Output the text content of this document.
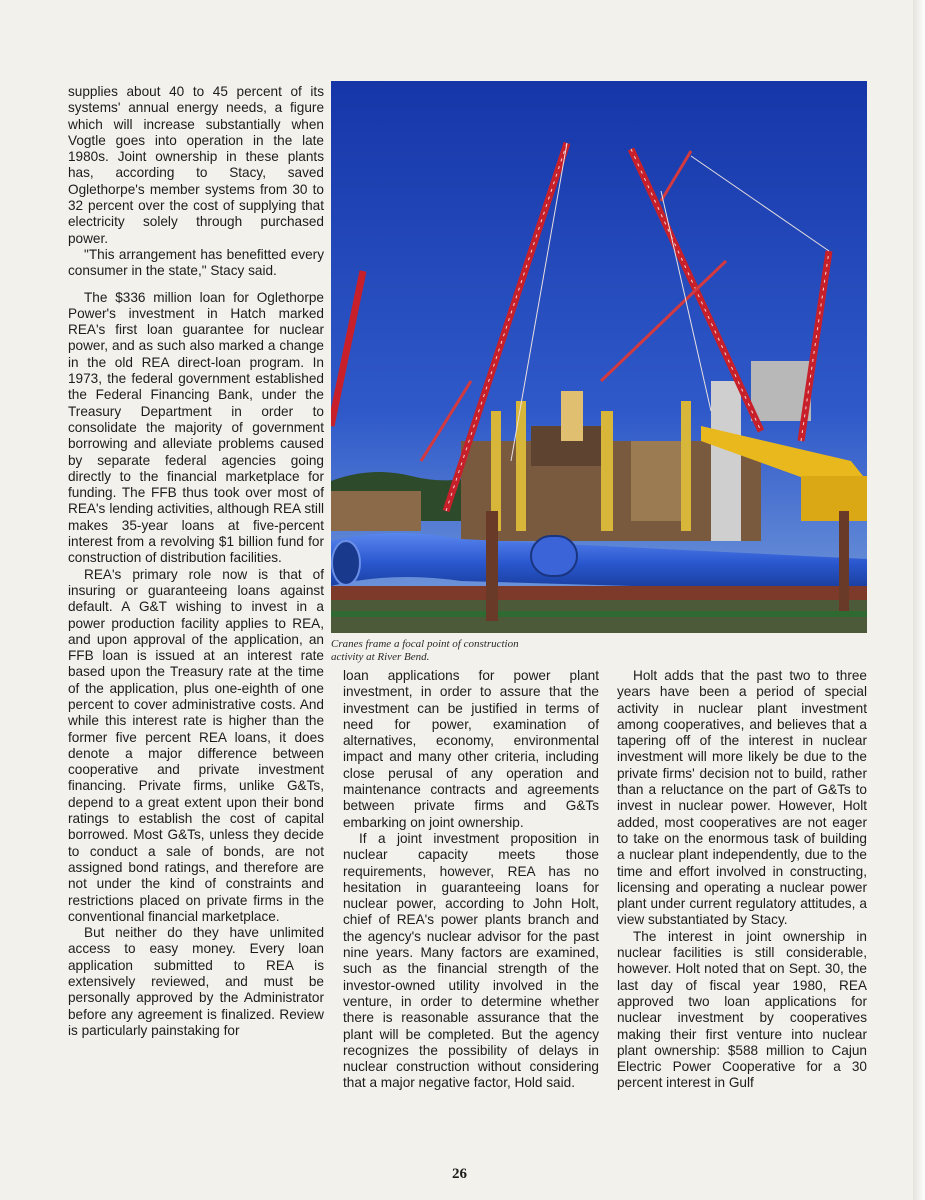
supplies about 40 to 45 percent of its systems' annual energy needs, a figure which will increase substantially when Vogtle goes into operation in the late 1980s. Joint ownership in these plants has, according to Stacy, saved Oglethorpe's member systems from 30 to 32 percent over the cost of supplying that electricity solely through purchased power.

"This arrangement has benefitted every consumer in the state," Stacy said.

The $336 million loan for Oglethorpe Power's investment in Hatch marked REA's first loan guarantee for nuclear power, and as such also marked a change in the old REA direct-loan program. In 1973, the federal government established the Federal Financing Bank, under the Treasury Department in order to consolidate the majority of government borrowing and alleviate problems caused by separate federal agencies going directly to the financial marketplace for funding. The FFB thus took over most of REA's lending activities, although REA still makes 35-year loans at five-percent interest from a revolving $1 billion fund for construction of distribution facilities.

REA's primary role now is that of insuring or guaranteeing loans against default. A G&T wishing to invest in a power production facility applies to REA, and upon approval of the application, an FFB loan is issued at an interest rate based upon the Treasury rate at the time of the application, plus one-eighth of one percent to cover administrative costs. And while this interest rate is higher than the former five percent REA loans, it does denote a major difference between cooperative and private investment financing. Private firms, unlike G&Ts, depend to a great extent upon their bond ratings to establish the cost of capital borrowed. Most G&Ts, unless they decide to conduct a sale of bonds, are not assigned bond ratings, and therefore are not under the kind of constraints and restrictions placed on private firms in the conventional financial marketplace.

But neither do they have unlimited access to easy money. Every loan application submitted to REA is extensively reviewed, and must be personally approved by the Administrator before any agreement is finalized. Review is particularly painstaking for

Cranes frame a focal point of construction
activity at River Bend.

loan applications for power plant investment, in order to assure that the investment can be justified in terms of need for power, examination of alternatives, economy, environmental impact and many other criteria, including close perusal of any operation and maintenance contracts and agreements between private firms and G&Ts embarking on joint ownership.

If a joint investment proposition in nuclear capacity meets those requirements, however, REA has no hesitation in guaranteeing loans for nuclear power, according to John Holt, chief of REA's power plants branch and the agency's nuclear advisor for the past nine years. Many factors are examined, such as the financial strength of the investor-owned utility involved in the venture, in order to determine whether there is reasonable assurance that the plant will be completed. But the agency recognizes the possibility of delays in nuclear construction without considering that a major negative factor, Hold said.

Holt adds that the past two to three years have been a period of special activity in nuclear plant investment among cooperatives, and believes that a tapering off of the interest in nuclear investment will more likely be due to the private firms' decision not to build, rather than a reluctance on the part of G&Ts to invest in nuclear power. However, Holt added, most cooperatives are not eager to take on the enormous task of building a nuclear plant independently, due to the time and effort involved in constructing, licensing and operating a nuclear power plant under current regulatory attitudes, a view substantiated by Stacy.

The interest in joint ownership in nuclear facilities is still considerable, however. Holt noted that on Sept. 30, the last day of fiscal year 1980, REA approved two loan applications for nuclear investment by cooperatives making their first venture into nuclear plant ownership: $588 million to Cajun Electric Power Cooperative for a 30 percent interest in Gulf

26
